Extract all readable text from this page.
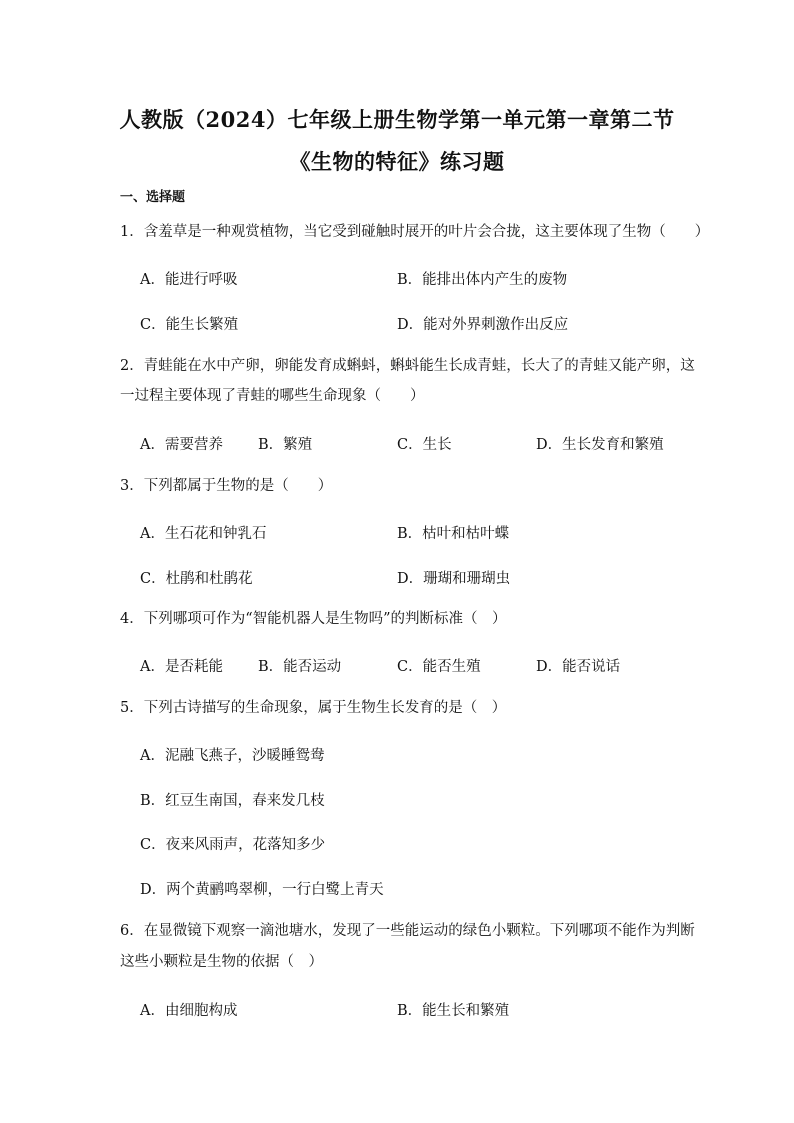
人教版（2024）七年级上册生物学第一单元第一章第二节
《生物的特征》练习题
一、选择题
1．含羞草是一种观赏植物，当它受到碰触时展开的叶片会合拢，这主要体现了生物（　　）
A．能进行呼吸	B．能排出体内产生的废物
C．能生长繁殖	D．能对外界刺激作出反应
2．青蛙能在水中产卵，卵能发育成蝌蚪，蝌蚪能生长成青蛙，长大了的青蛙又能产卵，这
一过程主要体现了青蛙的哪些生命现象（　　）
A．需要营养 B．繁殖	C．生长	D．生长发育和繁殖
3．下列都属于生物的是（　　）
A．生石花和钟乳石	B．枯叶和枯叶蝶
C．杜鹃和杜鹃花	D．珊瑚和珊瑚虫
4．下列哪项可作为“智能机器人是生物吗”的判断标准（　）
A．是否耗能 B．能否运动	C．能否生殖	D．能否说话
5．下列古诗描写的生命现象，属于生物生长发育的是（　）
A．泥融飞燕子，沙暖睡鸳鸯
B．红豆生南国，春来发几枝
C．夜来风雨声，花落知多少
D．两个黄鹂鸣翠柳，一行白鹭上青天
6．在显微镜下观察一滴池塘水，发现了一些能运动的绿色小颗粒。下列哪项不能作为判断
这些小颗粒是生物的依据（　）
A．由细胞构成	B．能生长和繁殖
